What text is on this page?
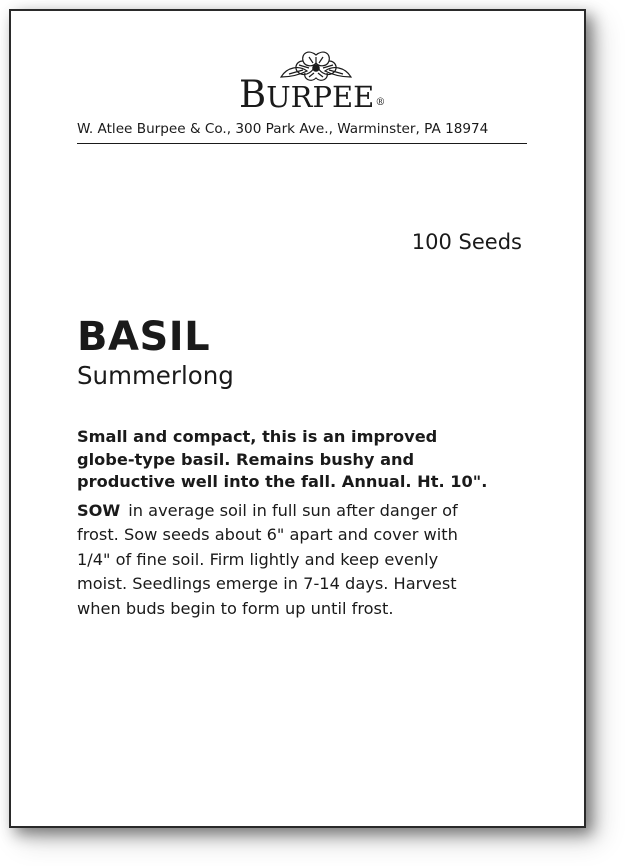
BURPEE®
W. Atlee Burpee & Co., 300 Park Ave., Warminster, PA 18974
100 Seeds
BASIL
Summerlong
Small and compact, this is an improved
globe-type basil. Remains bushy and
productive well into the fall. Annual. Ht. 10".
SOW in average soil in full sun after danger of
frost. Sow seeds about 6" apart and cover with
1/4" of fine soil. Firm lightly and keep evenly
moist. Seedlings emerge in 7-14 days. Harvest
when buds begin to form up until frost.
